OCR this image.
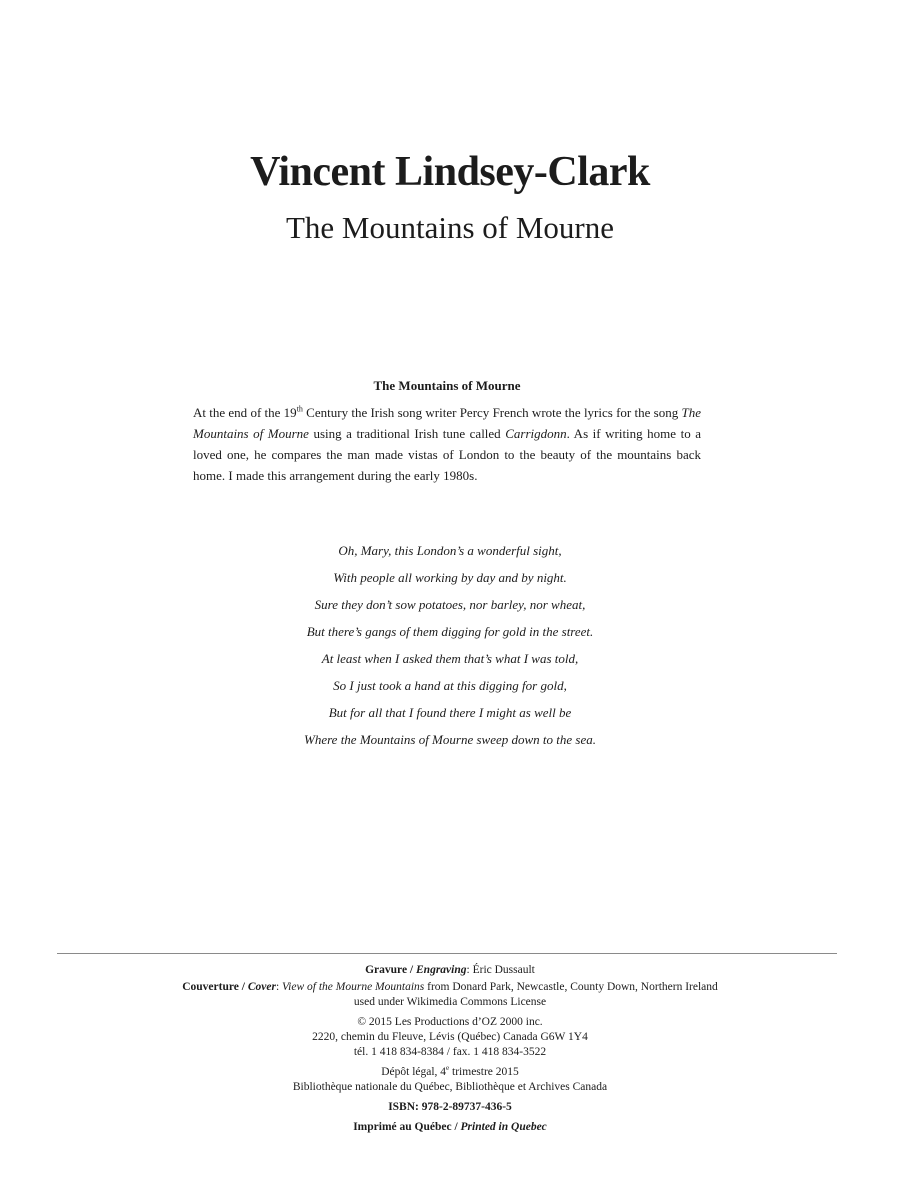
Vincent Lindsey-Clark
The Mountains of Mourne
The Mountains of Mourne

At the end of the 19th Century the Irish song writer Percy French wrote the lyrics for the song The Mountains of Mourne using a traditional Irish tune called Carrigdonn. As if writing home to a loved one, he compares the man made vistas of London to the beauty of the mountains back home. I made this arrangement during the early 1980s.

Oh, Mary, this London’s a wonderful sight,
With people all working by day and by night.
Sure they don’t sow potatoes, nor barley, nor wheat,
But there’s gangs of them digging for gold in the street.
At least when I asked them that’s what I was told,
So I just took a hand at this digging for gold,
But for all that I found there I might as well be
Where the Mountains of Mourne sweep down to the sea.
Gravure / Engraving: Éric Dussault
Couverture / Cover: View of the Mourne Mountains from Donard Park, Newcastle, County Down, Northern Ireland
used under Wikimedia Commons License
© 2015 Les Productions d’OZ 2000 inc.
2220, chemin du Fleuve, Lévis (Québec) Canada G6W 1Y4
tél. 1 418 834-8384 / fax. 1 418 834-3522
Dépôt légal, 4e trimestre 2015
Bibliothèque nationale du Québec, Bibliothèque et Archives Canada
ISBN: 978-2-89737-436-5
Imprimé au Québec / Printed in Quebec
